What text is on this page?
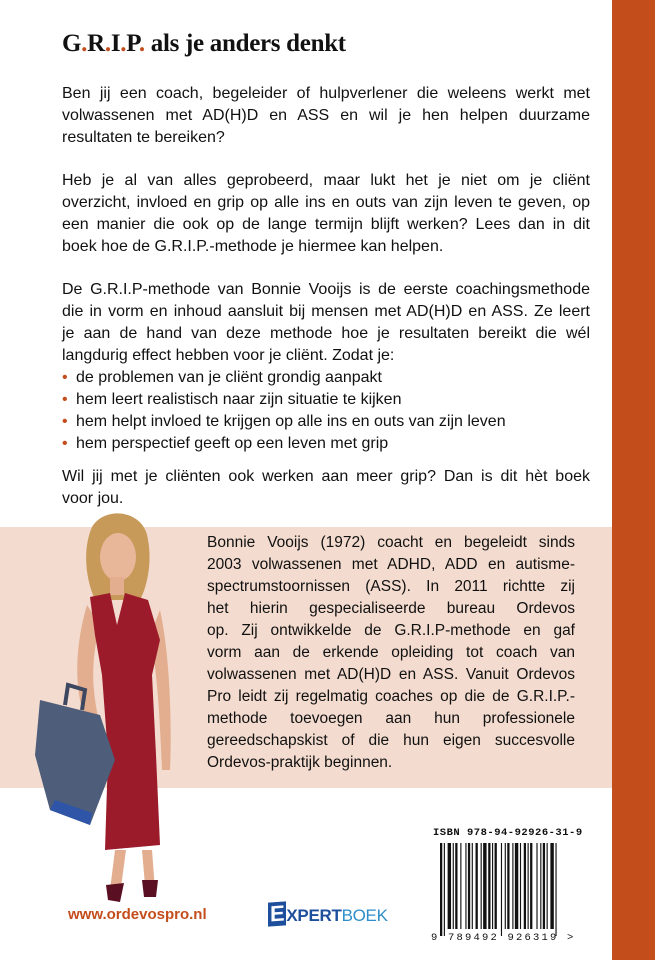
G.R.I.P. als je anders denkt
Ben jij een coach, begeleider of hulpverlener die weleens werkt met
volwassenen met AD(H)D en ASS en wil je hen helpen duurzame
resultaten te bereiken?
Heb je al van alles geprobeerd, maar lukt het je niet om je cliënt
overzicht, invloed en grip op alle ins en outs van zijn leven te geven, op
een manier die ook op de lange termijn blijft werken? Lees dan in dit
boek hoe de G.R.I.P.-methode je hiermee kan helpen.
De G.R.I.P-methode van Bonnie Vooijs is de eerste coachingsmethode
die in vorm en inhoud aansluit bij mensen met AD(H)D en ASS. Ze leert
je aan de hand van deze methode hoe je resultaten bereikt die wél
langdurig effect hebben voor je cliënt. Zodat je:
• de problemen van je cliënt grondig aanpakt
• hem leert realistisch naar zijn situatie te kijken
• hem helpt invloed te krijgen op alle ins en outs van zijn leven
• hem perspectief geeft op een leven met grip
Wil jij met je cliënten ook werken aan meer grip? Dan is dit hèt boek
voor jou.
Bonnie Vooijs (1972) coacht en begeleidt sinds
2003 volwassenen met ADHD, ADD en autisme-
spectrumstoornissen (ASS). In 2011 richtte zij
het hierin gespecialiseerde bureau Ordevos
op. Zij ontwikkelde de G.R.I.P-methode en gaf
vorm aan de erkende opleiding tot coach van
volwassenen met AD(H)D en ASS. Vanuit Ordevos
Pro leidt zij regelmatig coaches op die de G.R.I.P.-
methode toevoegen aan hun professionele
gereedschapskist of die hun eigen succesvolle
Ordevos-praktijk beginnen.
www.ordevospro.nl	E XPERTBOEK
ISBN 978-94-92926-31-9
9 789492 926319 >
